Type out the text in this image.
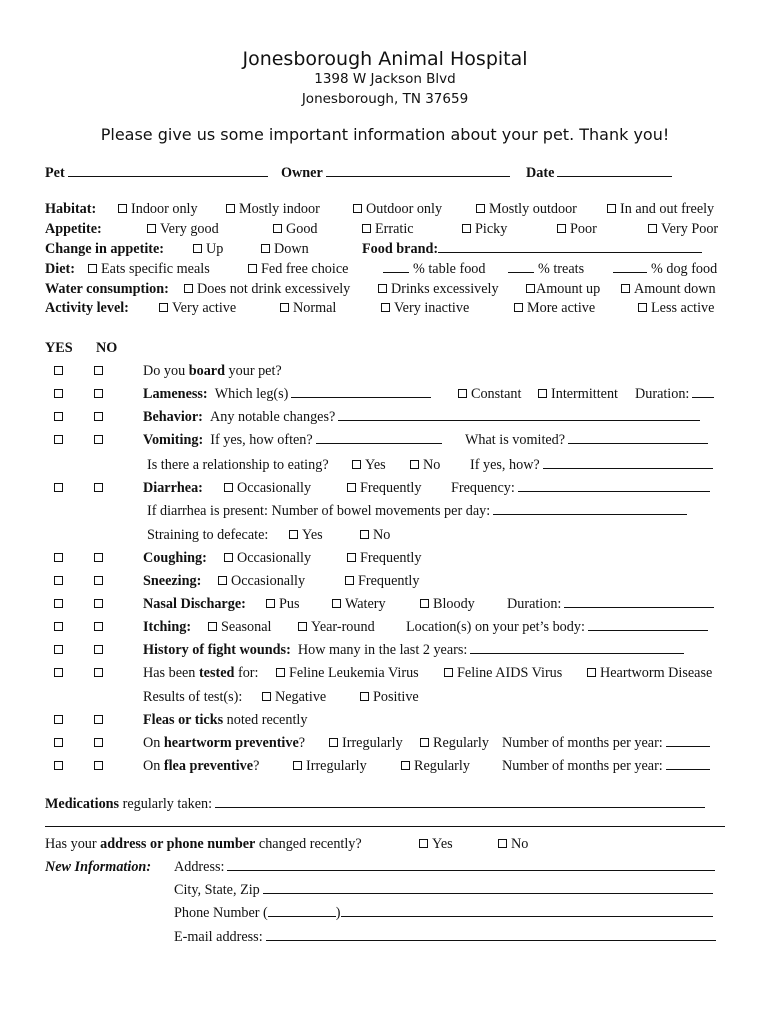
Jonesborough Animal Hospital
1398 W Jackson Blvd
Jonesborough, TN 37659
Please give us some important information about your pet. Thank you!
Pet	Owner	Date
Habitat:	Indoor only	Mostly indoor	Outdoor only	Mostly outdoor	In and out freely
Appetite:	Very good	Good	Erratic	Picky	Poor	Very Poor
Change in appetite:	Up	Down	Food brand:
Diet:	Eats specific meals	Fed free choice	% table food	% treats	% dog food
Water consumption:	Does not drink excessively	Drinks excessively	Amount up	Amount down
Activity level:	Very active	Normal	Very inactive	More active	Less active
YES NO
Do you board your pet?
Lameness: Which leg(s)	Constant	Intermittent Duration:
Behavior: Any notable changes?
Vomiting: If yes, how often?	What is vomited?
Is there a relationship to eating?	Yes	No If yes, how?
Diarrhea:	Occasionally	Frequently Frequency:
If diarrhea is present: Number of bowel movements per day:
Straining to defecate:	Yes	No
Coughing:	Occasionally	Frequently
Sneezing:	Occasionally	Frequently
Nasal Discharge:	Pus	Watery	Bloody Duration:
Itching:	Seasonal	Year-round Location(s) on your pet’s body:
History of fight wounds: How many in the last 2 years:
Has been tested for:	Feline Leukemia Virus	Feline AIDS Virus	Heartworm Disease
Results of test(s):	Negative	Positive
Fleas or ticks noted recently
On heartworm preventive?	Irregularly	Regularly Number of months per year:
On flea preventive?	Irregularly	Regularly Number of months per year:
Medications regularly taken:
Has your address or phone number changed recently?	Yes	No
New Information: Address:
City, State, Zip
Phone Number (	)
E-mail address:
